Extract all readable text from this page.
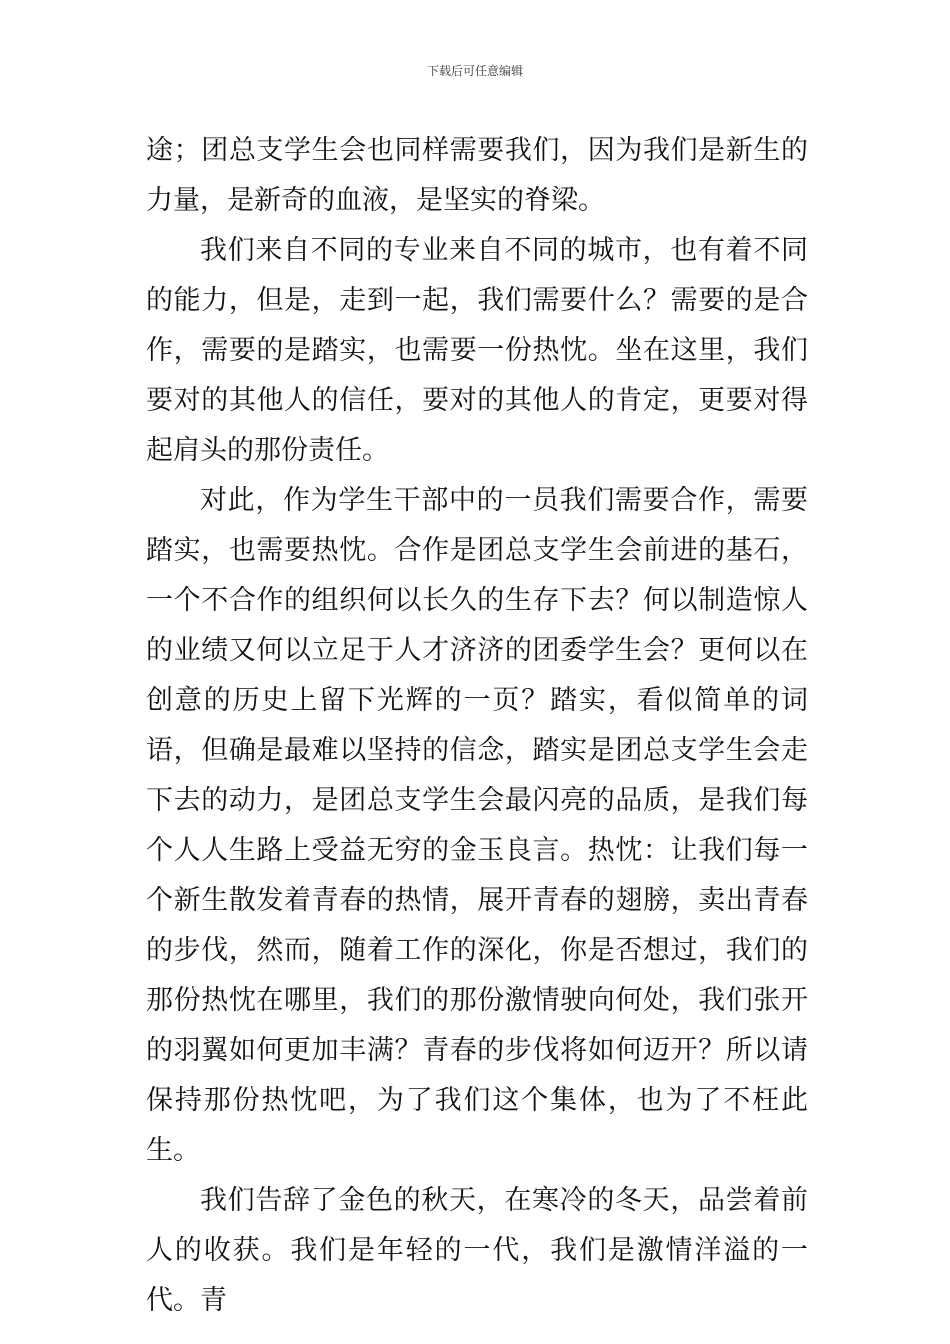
下载后可任意编辑

途；团总支学生会也同样需要我们，因为我们是新生的力量，是新奇的血液，是坚实的脊梁。

我们来自不同的专业来自不同的城市，也有着不同的能力，但是，走到一起，我们需要什么？需要的是合作，需要的是踏实，也需要一份热忱。坐在这里，我们要对的其他人的信任，要对的其他人的肯定，更要对得起肩头的那份责任。

对此，作为学生干部中的一员我们需要合作，需要踏实，也需要热忱。合作是团总支学生会前进的基石，一个不合作的组织何以长久的生存下去？何以制造惊人的业绩又何以立足于人才济济的团委学生会？更何以在创意的历史上留下光辉的一页？踏实，看似简单的词语，但确是最难以坚持的信念，踏实是团总支学生会走下去的动力，是团总支学生会最闪亮的品质，是我们每个人人生路上受益无穷的金玉良言。热忱：让我们每一个新生散发着青春的热情，展开青春的翅膀，卖出青春的步伐，然而，随着工作的深化，你是否想过，我们的那份热忱在哪里，我们的那份激情驶向何处，我们张开的羽翼如何更加丰满？青春的步伐将如何迈开？所以请保持那份热忱吧，为了我们这个集体，也为了不枉此生。

我们告辞了金色的秋天，在寒冷的冬天，品尝着前人的收获。我们是年轻的一代，我们是激情洋溢的一代。青
